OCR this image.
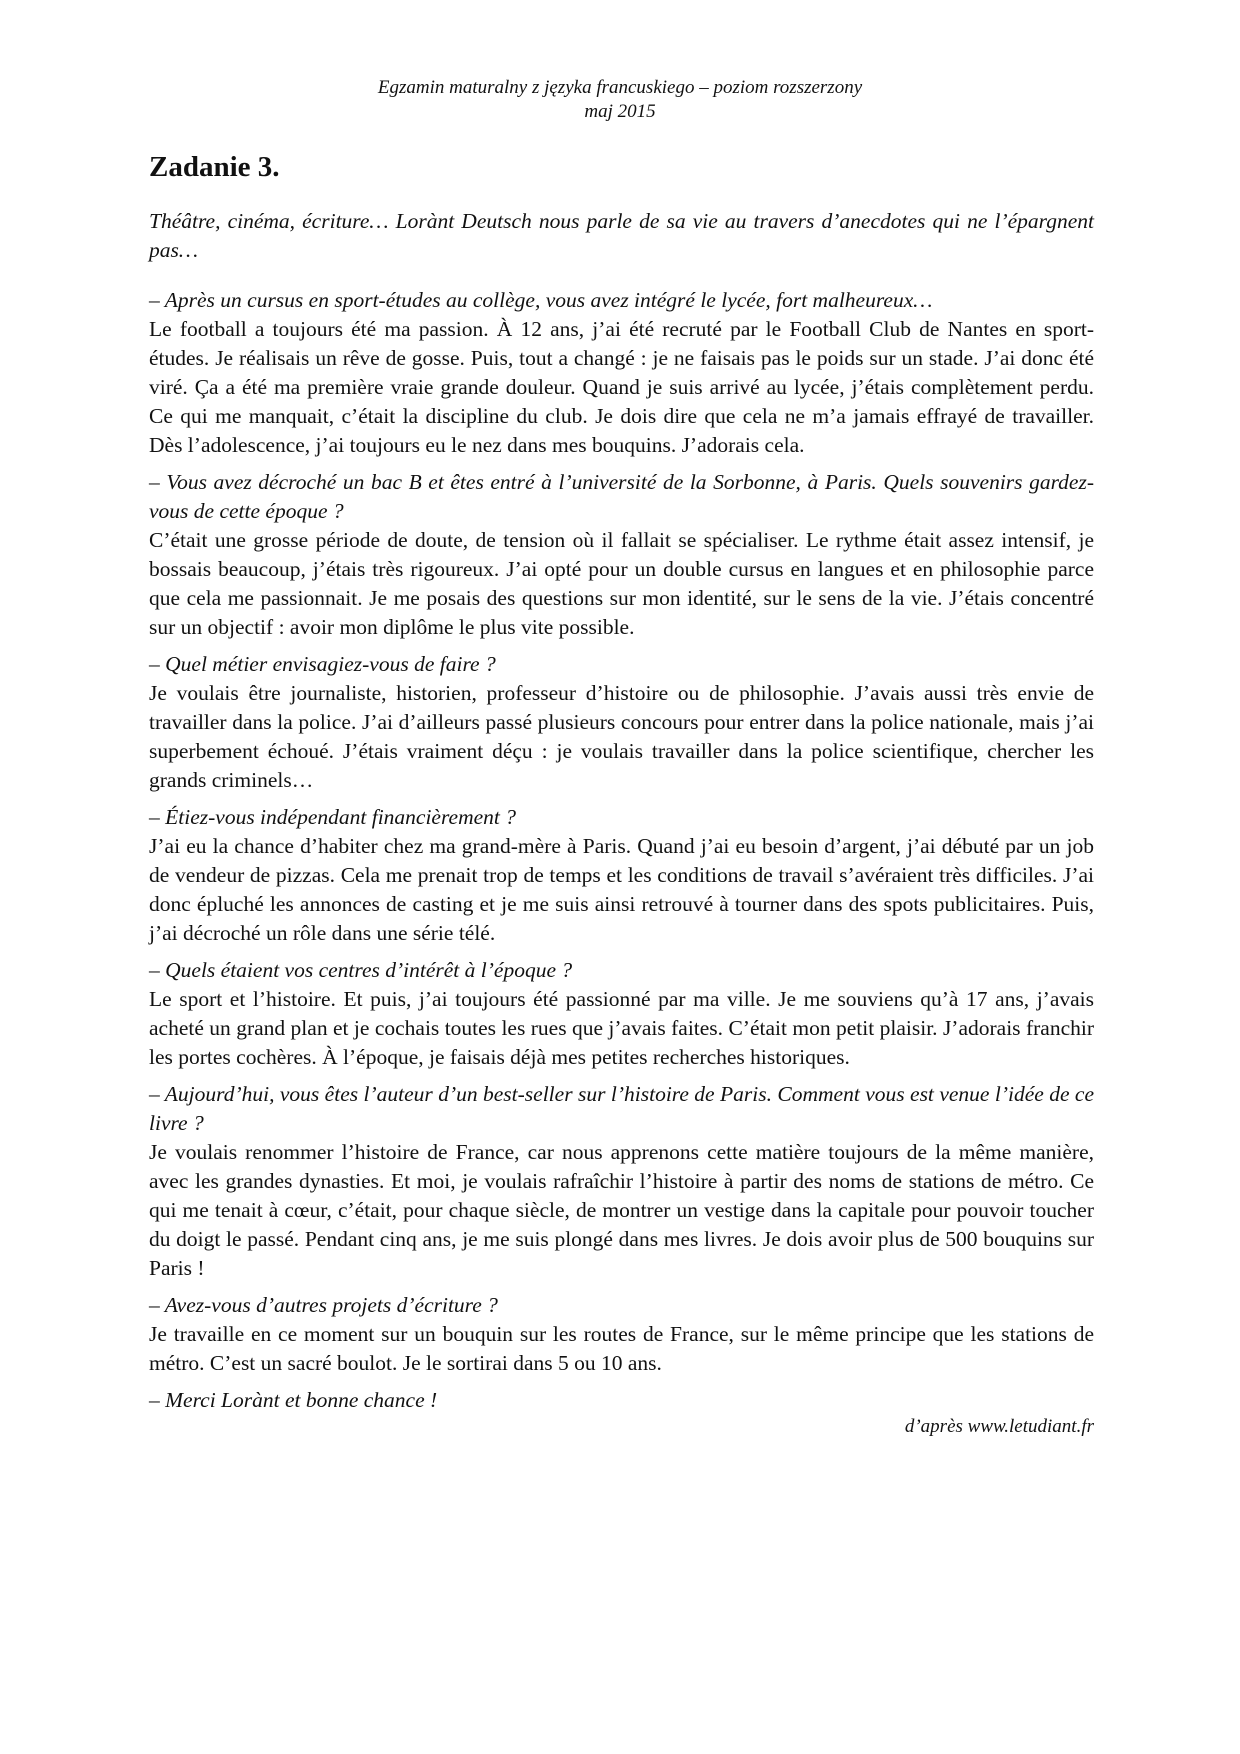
Egzamin maturalny z języka francuskiego – poziom rozszerzony
maj 2015
Zadanie 3.

Théâtre, cinéma, écriture… Lorànt Deutsch nous parle de sa vie au travers d’anecdotes qui ne l’épargnent pas…

– Après un cursus en sport-études au collège, vous avez intégré le lycée, fort malheureux…

Le football a toujours été ma passion. À 12 ans, j’ai été recruté par le Football Club de Nantes en sport-études. Je réalisais un rêve de gosse. Puis, tout a changé : je ne faisais pas le poids sur un stade. J’ai donc été viré. Ça a été ma première vraie grande douleur. Quand je suis arrivé au lycée, j’étais complètement perdu. Ce qui me manquait, c’était la discipline du club. Je dois dire que cela ne m’a jamais effrayé de travailler. Dès l’adolescence, j’ai toujours eu le nez dans mes bouquins. J’adorais cela.

– Vous avez décroché un bac B et êtes entré à l’université de la Sorbonne, à Paris. Quels souvenirs gardez-vous de cette époque ?

C’était une grosse période de doute, de tension où il fallait se spécialiser. Le rythme était assez intensif, je bossais beaucoup, j’étais très rigoureux. J’ai opté pour un double cursus en langues et en philosophie parce que cela me passionnait. Je me posais des questions sur mon identité, sur le sens de la vie. J’étais concentré sur un objectif : avoir mon diplôme le plus vite possible.

– Quel métier envisagiez-vous de faire ?

Je voulais être journaliste, historien, professeur d’histoire ou de philosophie. J’avais aussi très envie de travailler dans la police. J’ai d’ailleurs passé plusieurs concours pour entrer dans la police nationale, mais j’ai superbement échoué. J’étais vraiment déçu : je voulais travailler dans la police scientifique, chercher les grands criminels…

– Étiez-vous indépendant financièrement ?

J’ai eu la chance d’habiter chez ma grand-mère à Paris. Quand j’ai eu besoin d’argent, j’ai débuté par un job de vendeur de pizzas. Cela me prenait trop de temps et les conditions de travail s’avéraient très difficiles. J’ai donc épluché les annonces de casting et je me suis ainsi retrouvé à tourner dans des spots publicitaires. Puis, j’ai décroché un rôle dans une série télé.

– Quels étaient vos centres d’intérêt à l’époque ?

Le sport et l’histoire. Et puis, j’ai toujours été passionné par ma ville. Je me souviens qu’à 17 ans, j’avais acheté un grand plan et je cochais toutes les rues que j’avais faites. C’était mon petit plaisir. J’adorais franchir les portes cochères. À l’époque, je faisais déjà mes petites recherches historiques.

– Aujourd’hui, vous êtes l’auteur d’un best-seller sur l’histoire de Paris. Comment vous est venue l’idée de ce livre ?

Je voulais renommer l’histoire de France, car nous apprenons cette matière toujours de la même manière, avec les grandes dynasties. Et moi, je voulais rafraîchir l’histoire à partir des noms de stations de métro. Ce qui me tenait à cœur, c’était, pour chaque siècle, de montrer un vestige dans la capitale pour pouvoir toucher du doigt le passé. Pendant cinq ans, je me suis plongé dans mes livres. Je dois avoir plus de 500 bouquins sur Paris !

– Avez-vous d’autres projets d’écriture ?

Je travaille en ce moment sur un bouquin sur les routes de France, sur le même principe que les stations de métro. C’est un sacré boulot. Je le sortirai dans 5 ou 10 ans.

– Merci Lorànt et bonne chance !

d’après www.letudiant.fr
